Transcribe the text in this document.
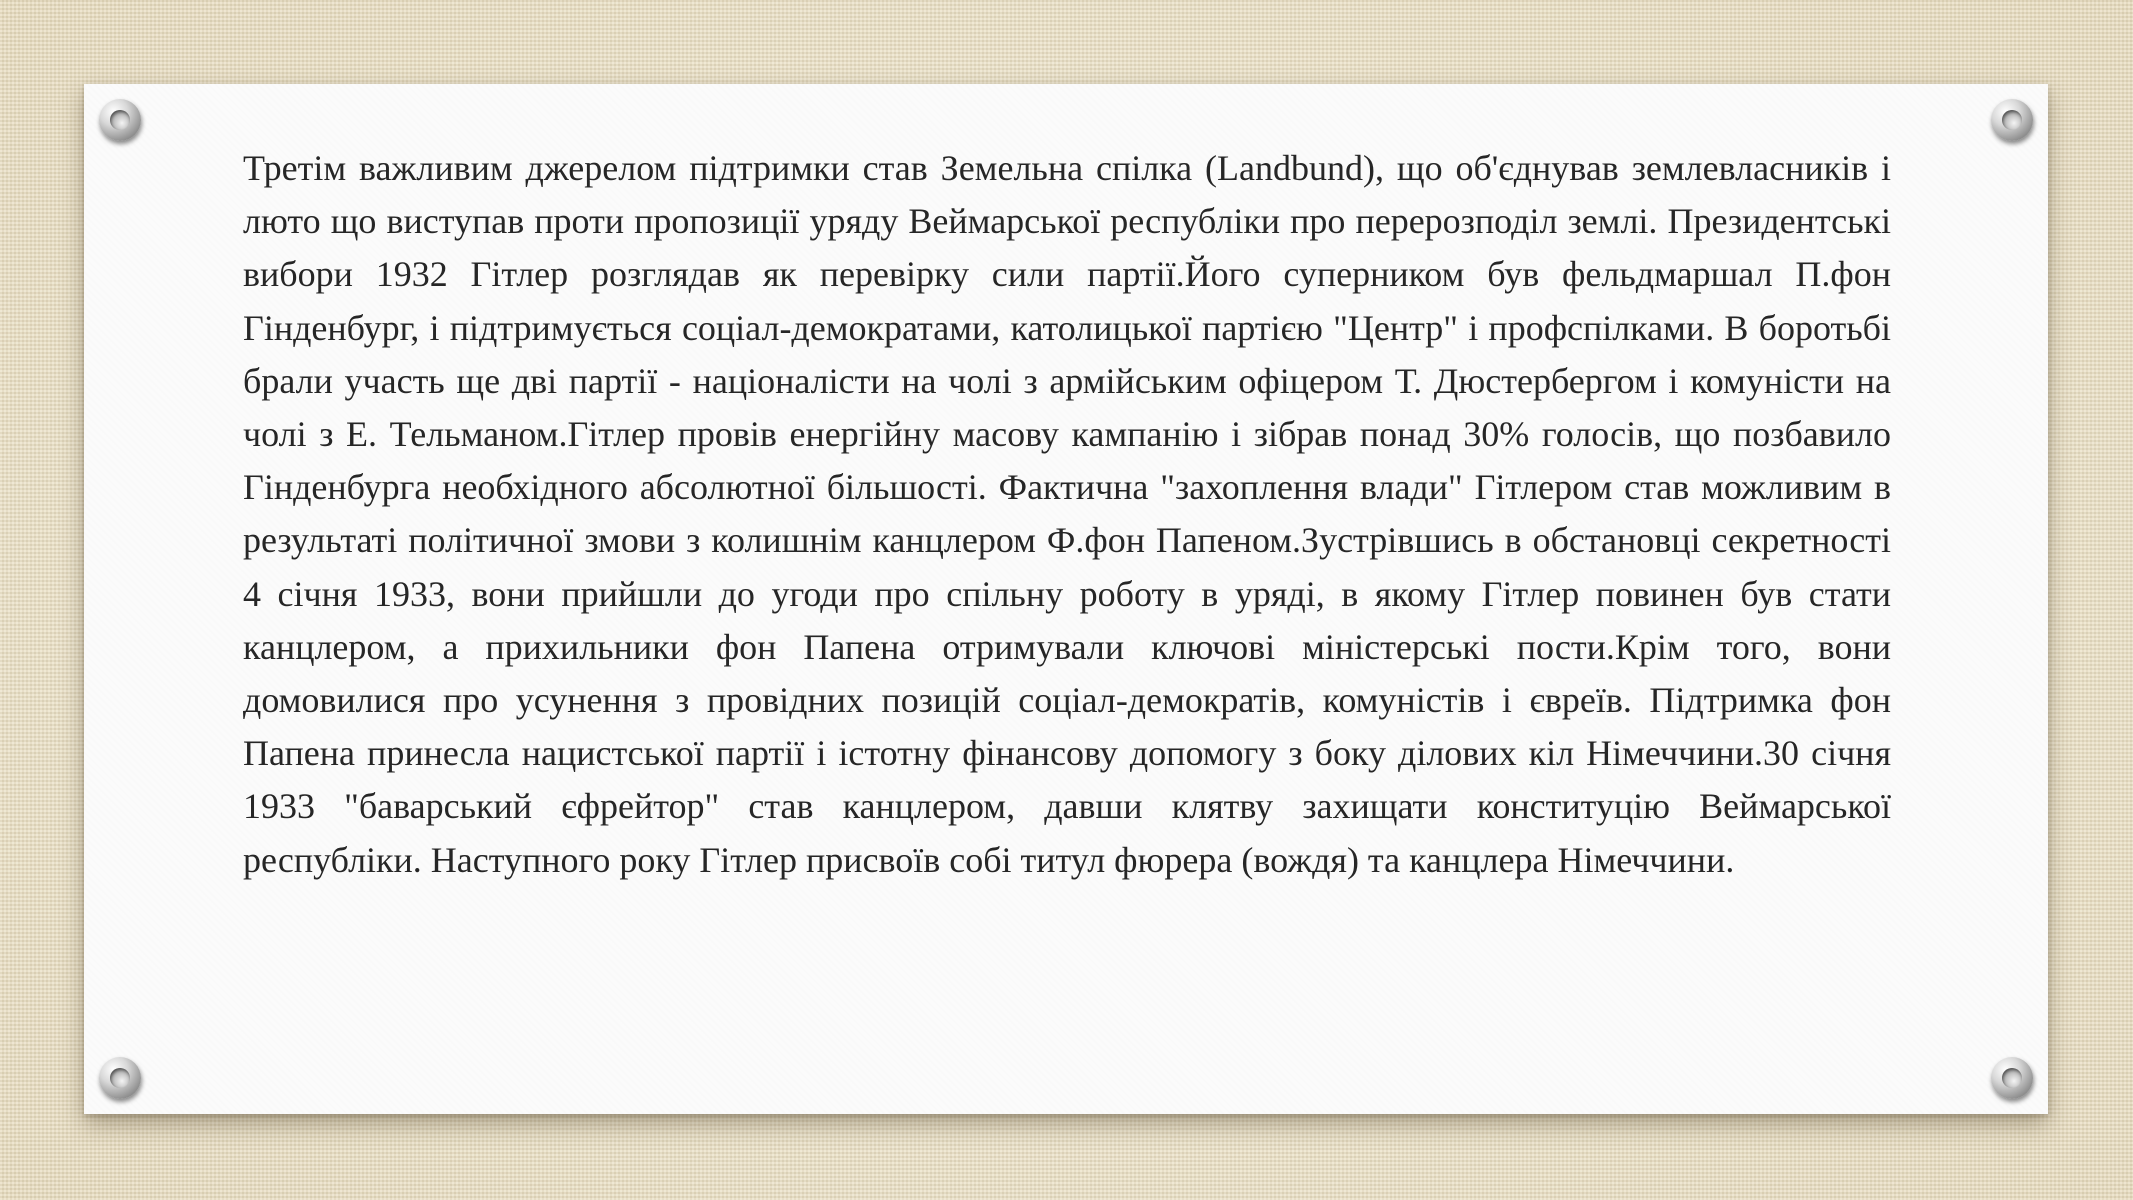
Третім важливим джерелом підтримки став Земельна спілка (Landbund), що об'єднував землевласників і люто що виступав проти пропозиції уряду Веймарської республіки про перерозподіл землі. Президентські вибори 1932 Гітлер розглядав як перевірку сили партії.Його суперником був фельдмаршал П.фон Гінденбург, і підтримується соціал-демократами, католицької партією "Центр" і профспілками. В боротьбі брали участь ще дві партії - націоналісти на чолі з армійським офіцером Т. Дюстербергом і комуністи на чолі з Е. Тельманом.Гітлер провів енергійну масову кампанію і зібрав понад 30% голосів, що позбавило Гінденбурга необхідного абсолютної більшості. Фактична "захоплення влади" Гітлером став можливим в результаті політичної змови з колишнім канцлером Ф.фон Папеном.Зустрівшись в обстановці секретності 4 січня 1933, вони прийшли до угоди про спільну роботу в уряді, в якому Гітлер повинен був стати канцлером, а прихильники фон Папена отримували ключові міністерські пости.Крім того, вони домовилися про усунення з провідних позицій соціал-демократів, комуністів і євреїв. Підтримка фон Папена принесла нацистської партії і істотну фінансову допомогу з боку ділових кіл Німеччини.30 січня 1933 "баварський єфрейтор" став канцлером, давши клятву захищати конституцію Веймарської республіки. Наступного року Гітлер присвоїв собі титул фюрера (вождя) та канцлера Німеччини.
